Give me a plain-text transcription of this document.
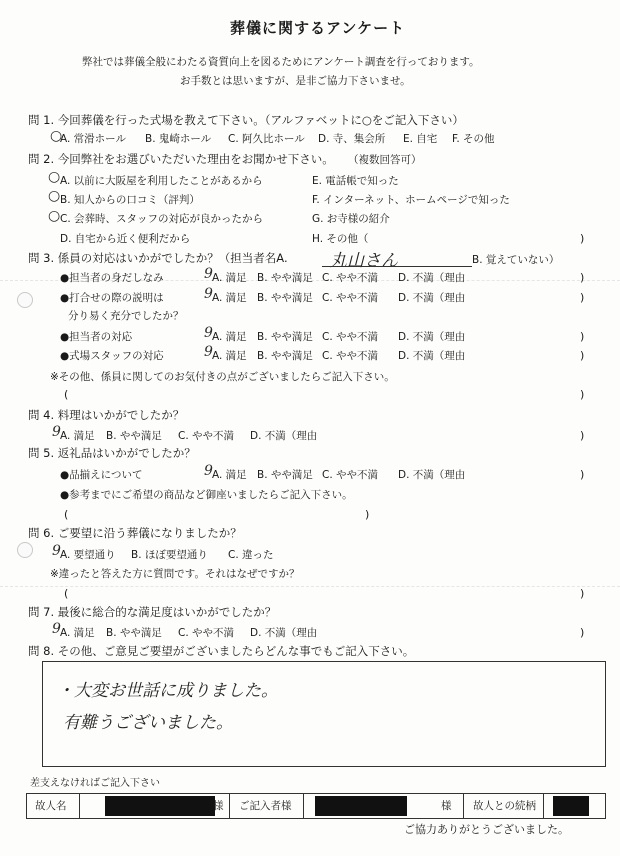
葬儀に関するアンケート
弊社では葬儀全般にわたる資質向上を図るためにアンケート調査を行っております。
お手数とは思いますが、是非ご協力下さいませ。
問 1. 今回葬儀を行った式場を教えて下さい。（アルファベットに○をご記入下さい）
○
A. 常滑ホール B. 鬼崎ホール C. 阿久比ホール D. 寺、集会所 E. 自宅 F. その他
問 2. 今回弊社をお選びいただいた理由をお聞かせ下さい。 （複数回答可）
○
○
○
A. 以前に大阪屋を利用したことがあるから
B. 知人からの口コミ（評判）
C. 会葬時、スタッフの対応が良かったから
D. 自宅から近く便利だから
E. 電話帳で知った
F. インターネット、ホームページで知った
G. お寺様の紹介
H. その他（	)
問 3. 係員の対応はいかがでしたか？（担当者名A. 丸山さん	B. 覚えていない）
●担当者の身だしなみ	9 A. 満足 B. やや満足 C. やや不満 D. 不満（理由	)
●打合せの際の説明は	9 A. 満足 B. やや満足 C. やや不満 D. 不満（理由	)
分り易く充分でしたか？
●担当者の対応	9 A. 満足 B. やや満足 C. やや不満 D. 不満（理由	)
●式場スタッフの対応	9 A. 満足 B. やや満足 C. やや不満 D. 不満（理由	)
※その他、係員に関してのお気付きの点がございましたらご記入下さい。
(	)
問 4. 料理はいかがでしたか？
9 A. 満足 B. やや満足 C. やや不満 D. 不満（理由	)
問 5. 返礼品はいかがでしたか？
●品揃えについて	9 A. 満足 B. やや満足 C. やや不満 D. 不満（理由	)
●参考までにご希望の商品など御座いましたらご記入下さい。
(	)
問 6. ご要望に沿う葬儀になりましたか？
9 A. 要望通り B. ほぼ要望通り C. 違った
※違ったと答えた方に質問です。それはなぜですか？
(	)
問 7. 最後に総合的な満足度はいかがでしたか？
9 A. 満足 B. やや満足 C. やや不満 D. 不満（理由	)
問 8. その他、ご意見ご要望がございましたらどんな事でもご記入下さい。
・大変お世話に成りました。
有難うございました。
差支えなければご記入下さい
故人名	様 ご記入者様	様 故人との続柄
ご協力ありがとうございました。
